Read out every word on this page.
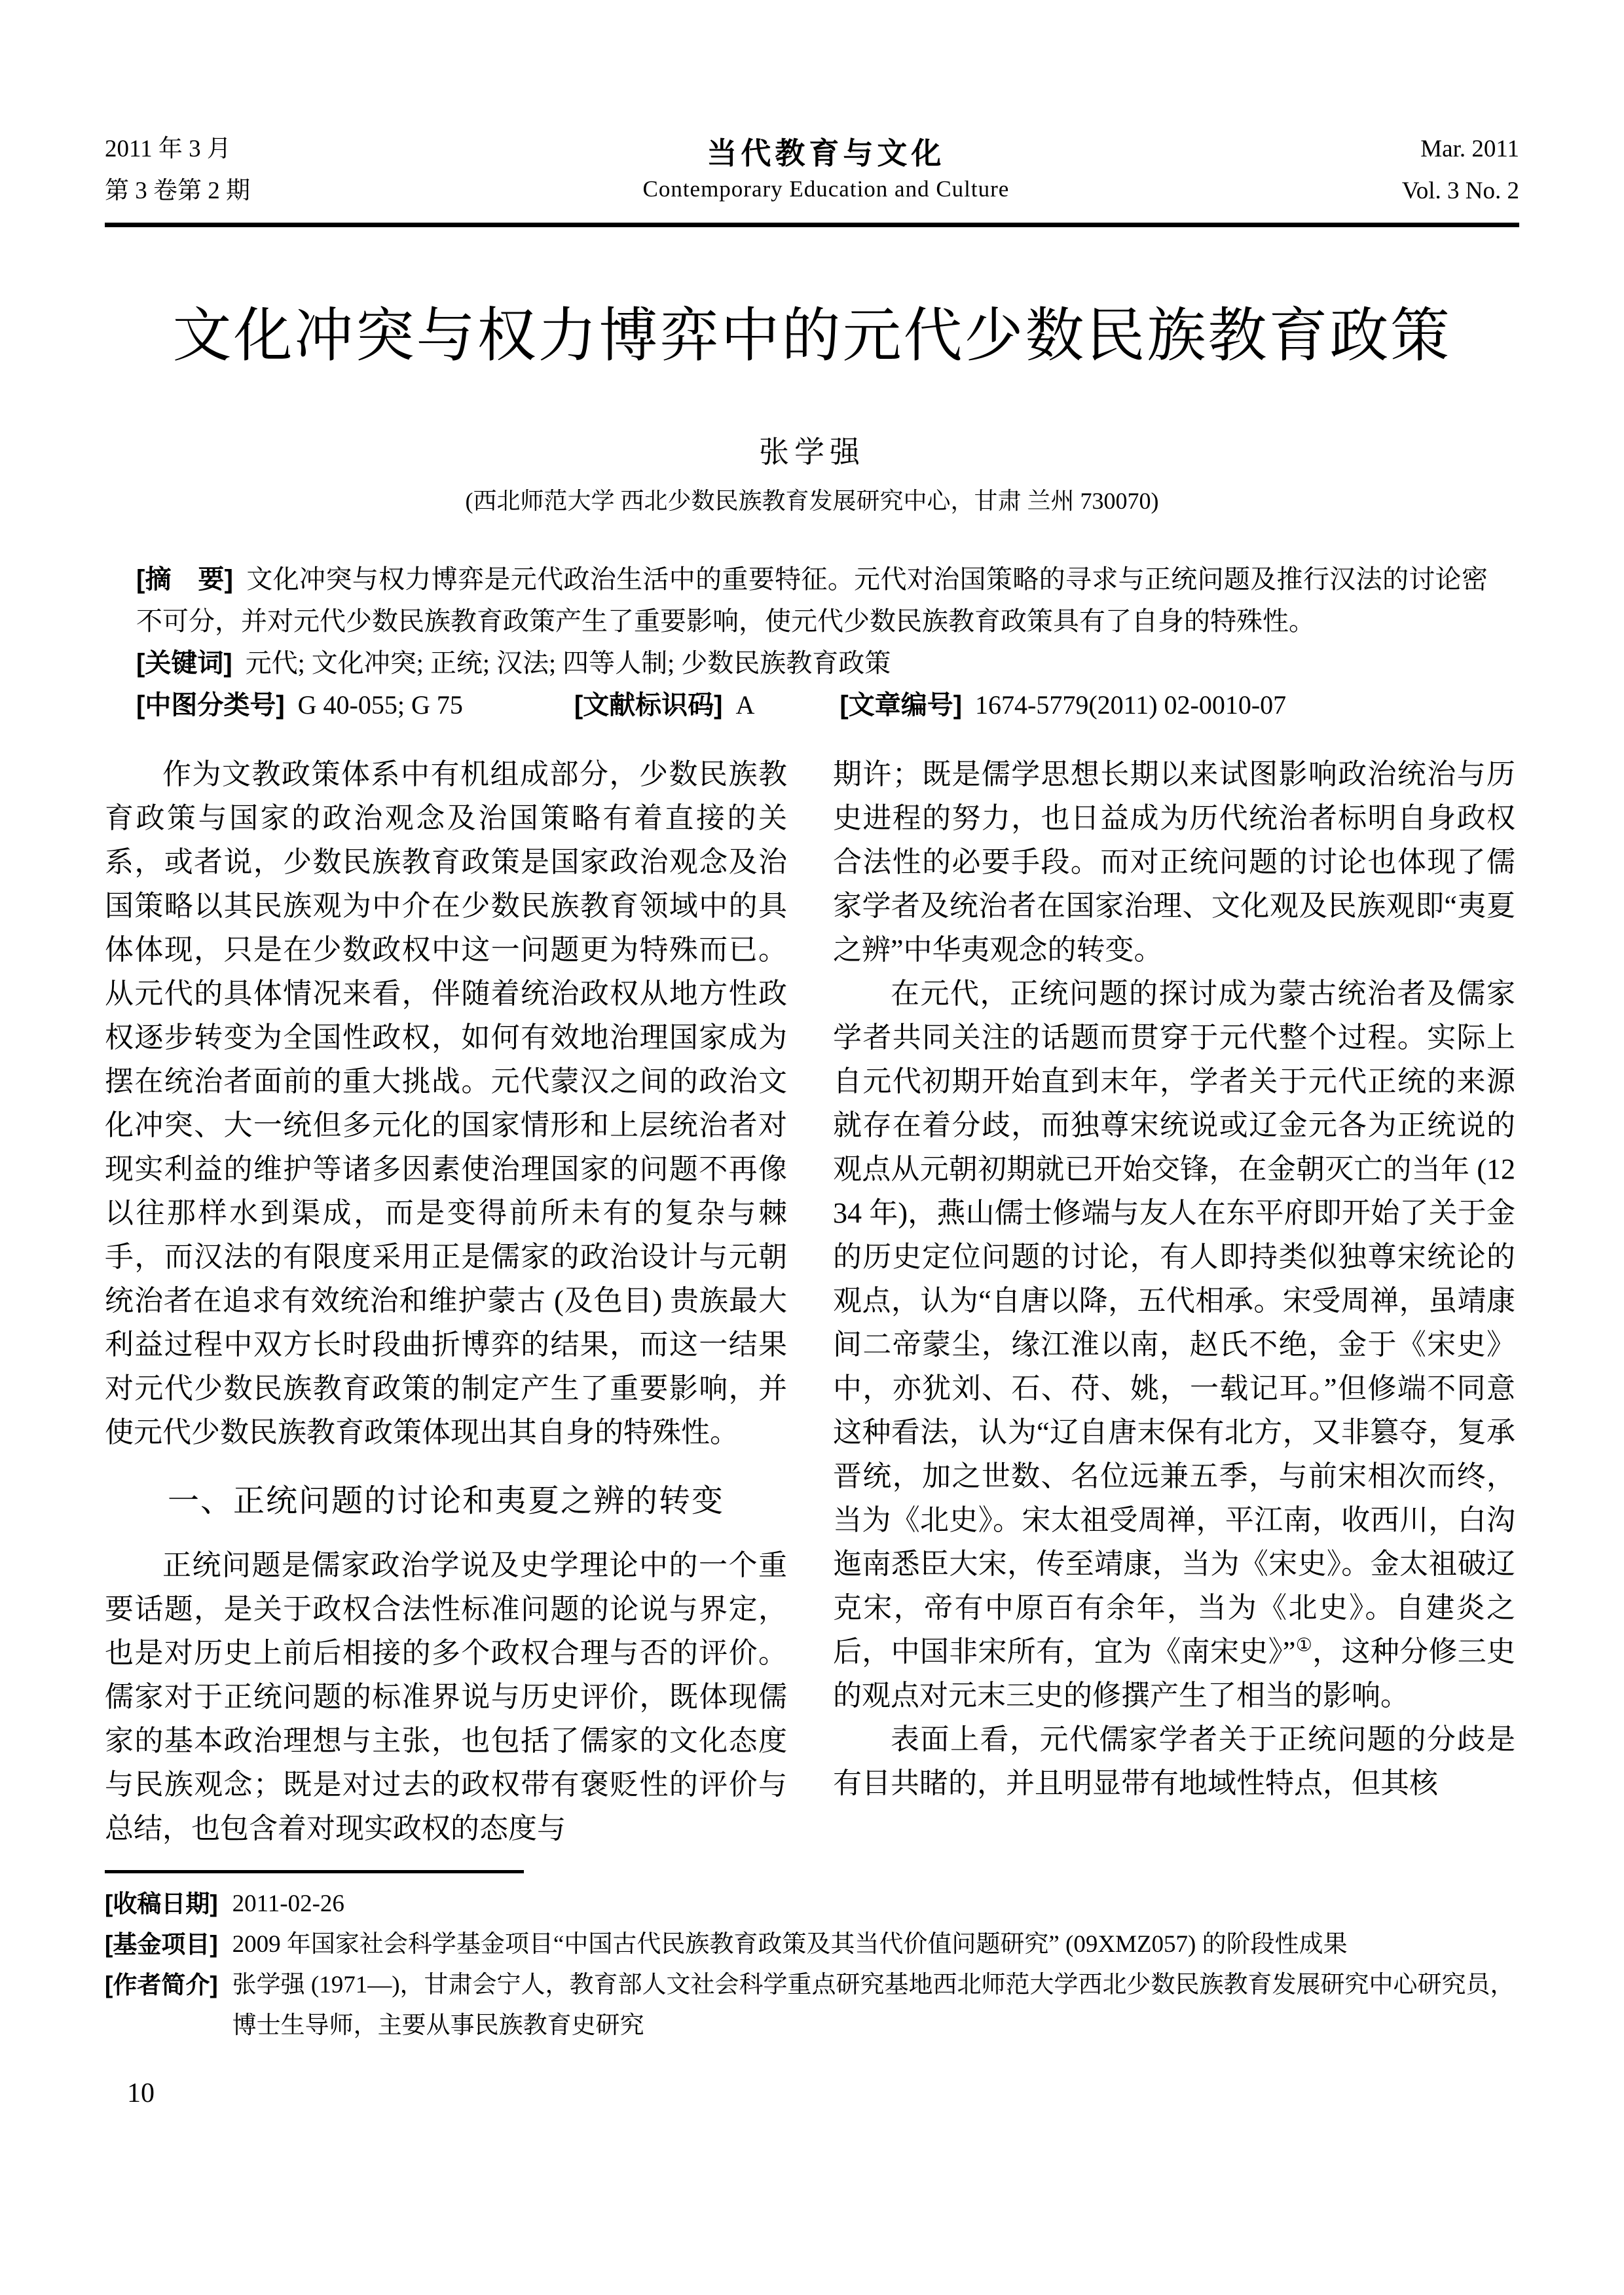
2011 年 3 月
第 3 卷第 2 期
当代教育与文化
Contemporary Education and Culture
Mar. 2011
Vol. 3 No. 2
文化冲突与权力博弈中的元代少数民族教育政策
张学强
(西北师范大学 西北少数民族教育发展研究中心，甘肃 兰州 730070)

[摘　要] 文化冲突与权力博弈是元代政治生活中的重要特征。元代对治国策略的寻求与正统问题及推行汉法的讨论密不可分，并对元代少数民族教育政策产生了重要影响，使元代少数民族教育政策具有了自身的特殊性。

[关键词] 元代; 文化冲突; 正统; 汉法; 四等人制; 少数民族教育政策

[中图分类号] G 40-055; G 75	[文献标识码] A	[文章编号] 1674-5779(2011) 02-0010-07

作为文教政策体系中有机组成部分，少数民族教育政策与国家的政治观念及治国策略有着直接的关系，或者说，少数民族教育政策是国家政治观念及治国策略以其民族观为中介在少数民族教育领域中的具体体现，只是在少数政权中这一问题更为特殊而已。从元代的具体情况来看，伴随着统治政权从地方性政权逐步转变为全国性政权，如何有效地治理国家成为摆在统治者面前的重大挑战。元代蒙汉之间的政治文化冲突、大一统但多元化的国家情形和上层统治者对现实利益的维护等诸多因素使治理国家的问题不再像以往那样水到渠成，而是变得前所未有的复杂与棘手，而汉法的有限度采用正是儒家的政治设计与元朝统治者在追求有效统治和维护蒙古 (及色目) 贵族最大利益过程中双方长时段曲折博弈的结果，而这一结果对元代少数民族教育政策的制定产生了重要影响，并使元代少数民族教育政策体现出其自身的特殊性。

一、正统问题的讨论和夷夏之辨的转变

正统问题是儒家政治学说及史学理论中的一个重要话题，是关于政权合法性标准问题的论说与界定，也是对历史上前后相接的多个政权合理与否的评价。儒家对于正统问题的标准界说与历史评价，既体现儒家的基本政治理想与主张，也包括了儒家的文化态度与民族观念；既是对过去的政权带有褒贬性的评价与总结，也包含着对现实政权的态度与

期许；既是儒学思想长期以来试图影响政治统治与历史进程的努力，也日益成为历代统治者标明自身政权合法性的必要手段。而对正统问题的讨论也体现了儒家学者及统治者在国家治理、文化观及民族观即“夷夏之辨”中华夷观念的转变。

在元代，正统问题的探讨成为蒙古统治者及儒家学者共同关注的话题而贯穿于元代整个过程。实际上自元代初期开始直到末年，学者关于元代正统的来源就存在着分歧，而独尊宋统说或辽金元各为正统说的观点从元朝初期就已开始交锋，在金朝灭亡的当年 (1234 年)，燕山儒士修端与友人在东平府即开始了关于金的历史定位问题的讨论，有人即持类似独尊宋统论的观点，认为“自唐以降，五代相承。宋受周禅，虽靖康间二帝蒙尘，缘江淮以南，赵氏不绝，金于《宋史》中，亦犹刘、石、苻、姚，一载记耳。”但修端不同意这种看法，认为“辽自唐末保有北方，又非篡夺，复承晋统，加之世数、名位远兼五季，与前宋相次而终，当为《北史》。宋太祖受周禅，平江南，收西川，白沟迤南悉臣大宋，传至靖康，当为《宋史》。金太祖破辽克宋，帝有中原百有余年，当为《北史》。自建炎之后，中国非宋所有，宜为《南宋史》”①，这种分修三史的观点对元末三史的修撰产生了相当的影响。

表面上看，元代儒家学者关于正统问题的分歧是有目共睹的，并且明显带有地域性特点，但其核

[收稿日期] 2011-02-26
[基金项目] 2009 年国家社会科学基金项目“中国古代民族教育政策及其当代价值问题研究” (09XMZ057) 的阶段性成果
[作者简介] 张学强 (1971—)，甘肃会宁人，教育部人文社会科学重点研究基地西北师范大学西北少数民族教育发展研究中心研究员，博士生导师，主要从事民族教育史研究
10
